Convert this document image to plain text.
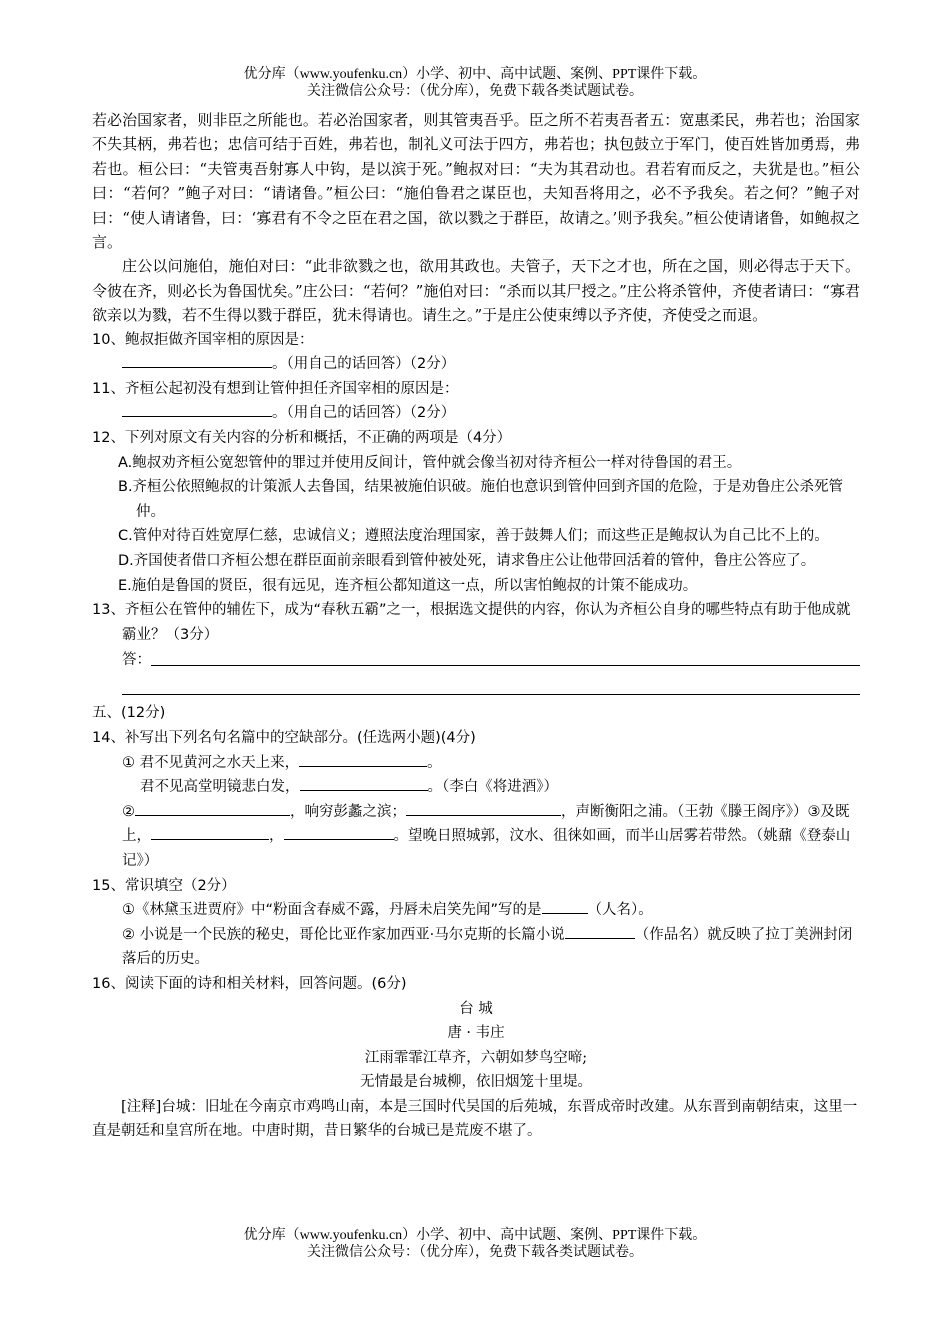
优分库（www.youfenku.cn）小学、初中、高中试题、案例、PPT课件下载。
关注微信公众号：（优分库），免费下载各类试题试卷。

若必治国家者，则非臣之所能也。若必治国家者，则其管夷吾乎。臣之所不若夷吾者五：宽惠柔民，弗若也；治国家不失其柄，弗若也；忠信可结于百姓，弗若也，制礼义可法于四方，弗若也；执包鼓立于军门，使百姓皆加勇焉，弗若也。桓公曰：“夫管夷吾射寡人中钩，是以滨于死。”鲍叔对曰：“夫为其君动也。君若宥而反之，夫犹是也。”桓公曰：“若何？”鲍子对曰：“请诸鲁。”桓公曰：“施伯鲁君之谋臣也，夫知吾将用之，必不予我矣。若之何？”鲍子对曰：“使人请诸鲁，曰：‘寡君有不令之臣在君之国，欲以戮之于群臣，故请之。’则予我矣。”桓公使请诸鲁，如鲍叔之言。

庄公以问施伯，施伯对曰：“此非欲戮之也，欲用其政也。夫管子，天下之才也，所在之国，则必得志于天下。令彼在齐，则必长为鲁国忧矣。”庄公曰：“若何？”施伯对曰：“杀而以其尸授之。”庄公将杀管仲，齐使者请曰：“寡君欲亲以为戮，若不生得以戮于群臣，犹未得请也。请生之。”于是庄公使束缚以予齐使，齐使受之而退。

10、鲍叔拒做齐国宰相的原因是：

。（用自己的话回答）（2分）

11、齐桓公起初没有想到让管仲担任齐国宰相的原因是：

。（用自己的话回答）（2分）

12、下列对原文有关内容的分析和概括，不正确的两项是（4分）

A.鲍叔劝齐桓公宽恕管仲的罪过并使用反间计，管仲就会像当初对待齐桓公一样对待鲁国的君王。

B.齐桓公依照鲍叔的计策派人去鲁国，结果被施伯识破。施伯也意识到管仲回到齐国的危险，于是劝鲁庄公杀死管仲。

C.管仲对待百姓宽厚仁慈，忠诚信义；遵照法度治理国家，善于鼓舞人们；而这些正是鲍叔认为自己比不上的。

D.齐国使者借口齐桓公想在群臣面前亲眼看到管仲被处死，请求鲁庄公让他带回活着的管仲，鲁庄公答应了。

E.施伯是鲁国的贤臣，很有远见，连齐桓公都知道这一点，所以害怕鲍叔的计策不能成功。

13、齐桓公在管仲的辅佐下，成为“春秋五霸”之一，根据选文提供的内容，你认为齐桓公自身的哪些特点有助于他成就霸业？（3分）

答：

五、(12分)

14、补写出下列名句名篇中的空缺部分。(任选两小题)(4分)

① 君不见黄河之水天上来，	。

君不见高堂明镜悲白发，	。（李白《将进酒》）

②	，响穷彭蠡之滨；	，声断衡阳之浦。（王勃《滕王阁序》）③及既上，	，	。望晚日照城郭，汶水、徂徕如画，而半山居雾若带然。（姚鼐《登泰山记》）

15、常识填空（2分）

①《林黛玉进贾府》中“粉面含春威不露，丹唇未启笑先闻”写的是	（人名）。

② 小说是一个民族的秘史，哥伦比亚作家加西亚·马尔克斯的长篇小说	（作品名）就反映了拉丁美洲封闭落后的历史。

16、阅读下面的诗和相关材料，回答问题。(6分)

台 城

唐 · 韦庄

江雨霏霏江草齐，六朝如梦鸟空啼;

无情最是台城柳，依旧烟笼十里堤。

[注释]台城：旧址在今南京市鸡鸣山南，本是三国时代吴国的后苑城，东晋成帝时改建。从东晋到南朝结束，这里一直是朝廷和皇宫所在地。中唐时期，昔日繁华的台城已是荒废不堪了。

优分库（www.youfenku.cn）小学、初中、高中试题、案例、PPT课件下载。
关注微信公众号：（优分库），免费下载各类试题试卷。
